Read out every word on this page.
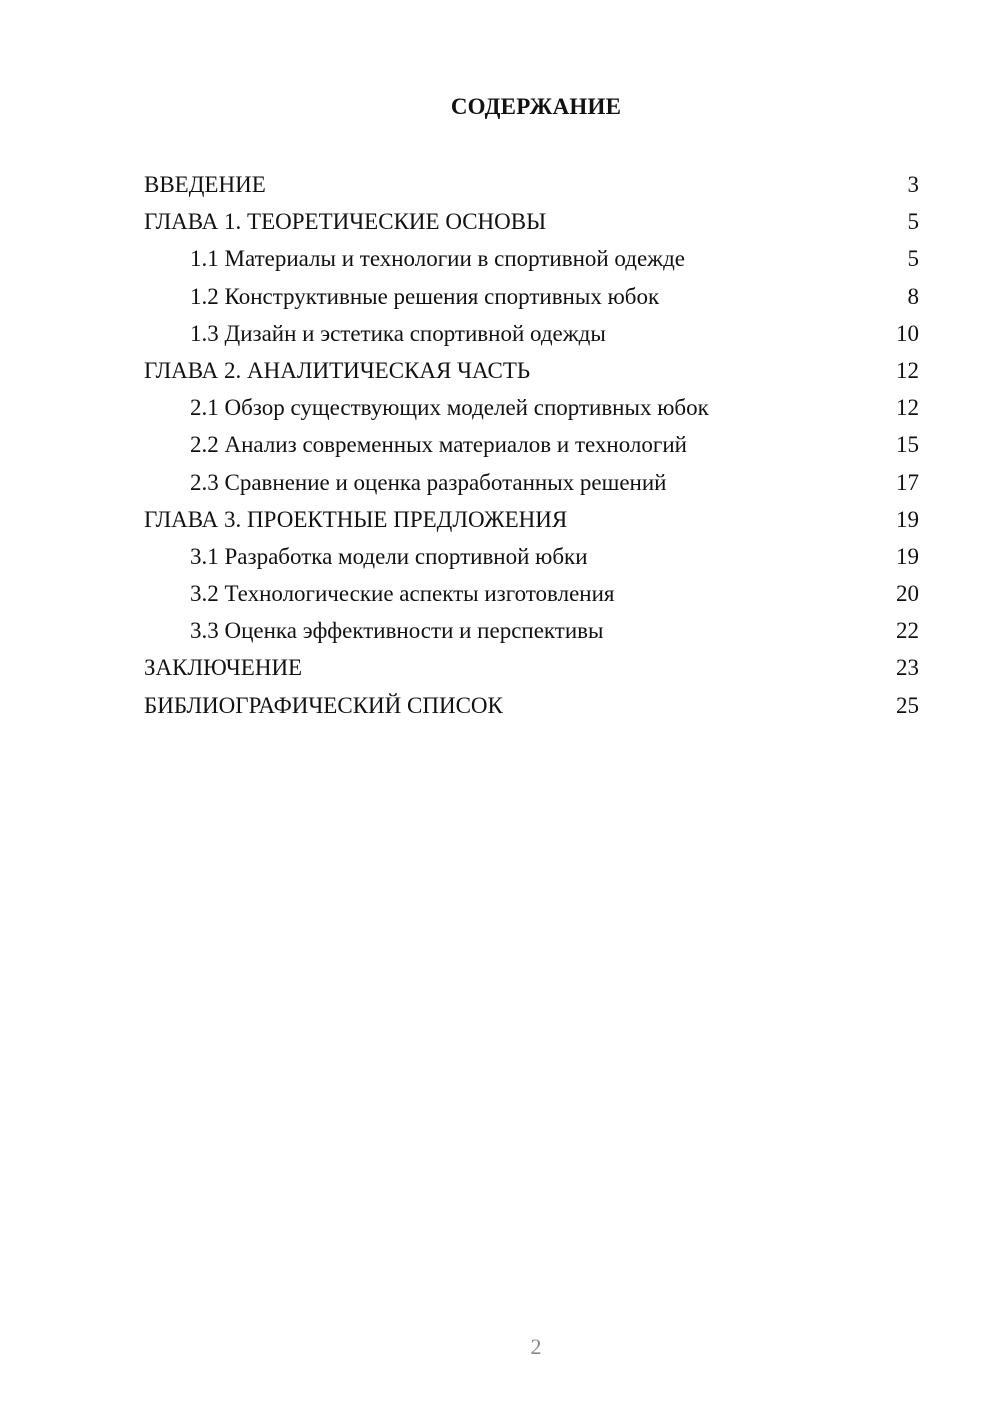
СОДЕРЖАНИЕ
ВВЕДЕНИЕ	3
ГЛАВА 1. ТЕОРЕТИЧЕСКИЕ ОСНОВЫ	5
1.1 Материалы и технологии в спортивной одежде	5
1.2 Конструктивные решения спортивных юбок	8
1.3 Дизайн и эстетика спортивной одежды	10
ГЛАВА 2. АНАЛИТИЧЕСКАЯ ЧАСТЬ	12
2.1 Обзор существующих моделей спортивных юбок	12
2.2 Анализ современных материалов и технологий	15
2.3 Сравнение и оценка разработанных решений	17
ГЛАВА 3. ПРОЕКТНЫЕ ПРЕДЛОЖЕНИЯ	19
3.1 Разработка модели спортивной юбки	19
3.2 Технологические аспекты изготовления	20
3.3 Оценка эффективности и перспективы	22
ЗАКЛЮЧЕНИЕ	23
БИБЛИОГРАФИЧЕСКИЙ СПИСОК	25
2
